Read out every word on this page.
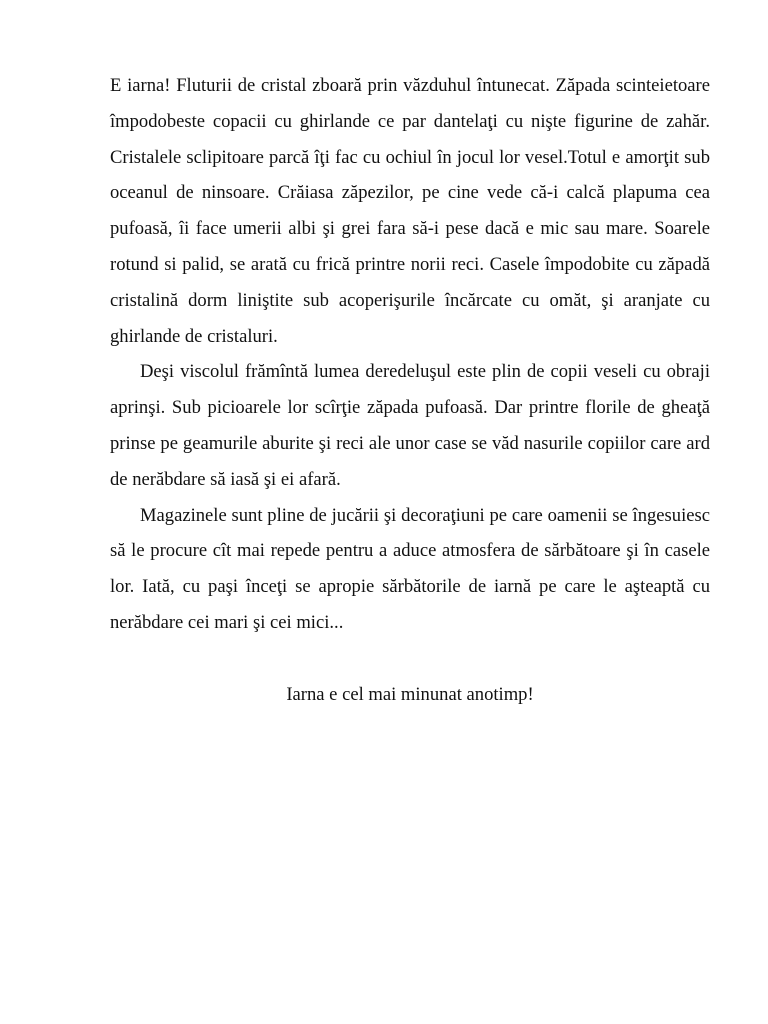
E iarna! Fluturii de cristal zboară prin văzduhul întunecat. Zăpada scinteietoare împodobeste copacii cu ghirlande ce par dantelaţi cu nişte figurine de zahăr. Cristalele sclipitoare parcă îţi fac cu ochiul în jocul lor vesel.Totul e amorţit sub oceanul de ninsoare. Crăiasa zăpezilor, pe cine vede că-i calcă plapuma cea pufoasă, îi face umerii albi şi grei fara să-i pese dacă e mic sau mare. Soarele rotund si palid, se arată cu frică printre norii reci. Casele împodobite cu zăpadă cristalină dorm liniştite sub acoperişurile încărcate cu omăt, şi aranjate cu ghirlande de cristaluri.

Deşi viscolul frămîntă lumea deredeluşul este plin de copii veseli cu obraji aprinşi. Sub picioarele lor scîrţie zăpada pufoasă. Dar printre florile de gheaţă prinse pe geamurile aburite şi reci ale unor case se văd nasurile copiilor care ard de nerăbdare să iasă şi ei afară.

Magazinele sunt pline de jucării şi decoraţiuni pe care oamenii se îngesuiesc să le procure cît mai repede pentru a aduce atmosfera de sărbătoare şi în casele lor. Iată, cu paşi înceţi se apropie sărbătorile de iarnă pe care le aşteaptă cu nerăbdare cei mari şi cei mici...

Iarna e cel mai minunat anotimp!
